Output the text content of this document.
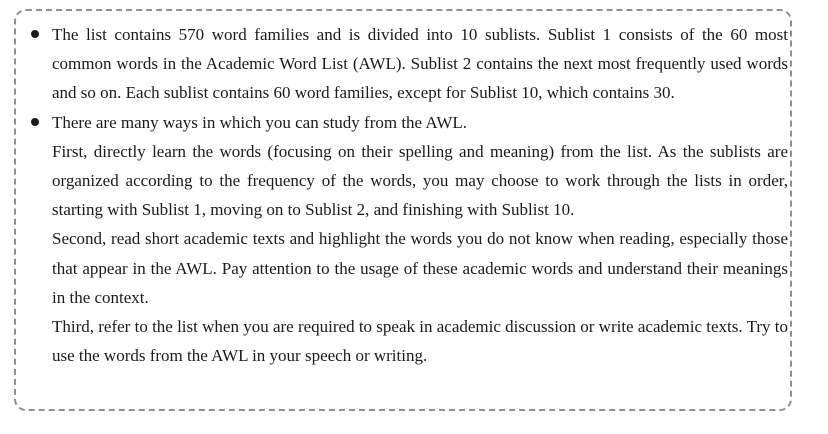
The list contains 570 word families and is divided into 10 sublists. Sublist 1 consists of the 60 most common words in the Academic Word List (AWL). Sublist 2 contains the next most frequently used words and so on. Each sublist contains 60 word families, except for Sublist 10, which contains 30.

There are many ways in which you can study from the AWL.

First, directly learn the words (focusing on their spelling and meaning) from the list. As the sublists are organized according to the frequency of the words, you may choose to work through the lists in order, starting with Sublist 1, moving on to Sublist 2, and finishing with Sublist 10.

Second, read short academic texts and highlight the words you do not know when reading, especially those that appear in the AWL. Pay attention to the usage of these academic words and understand their meanings in the context.

Third, refer to the list when you are required to speak in academic discussion or write academic texts. Try to use the words from the AWL in your speech or writing.
